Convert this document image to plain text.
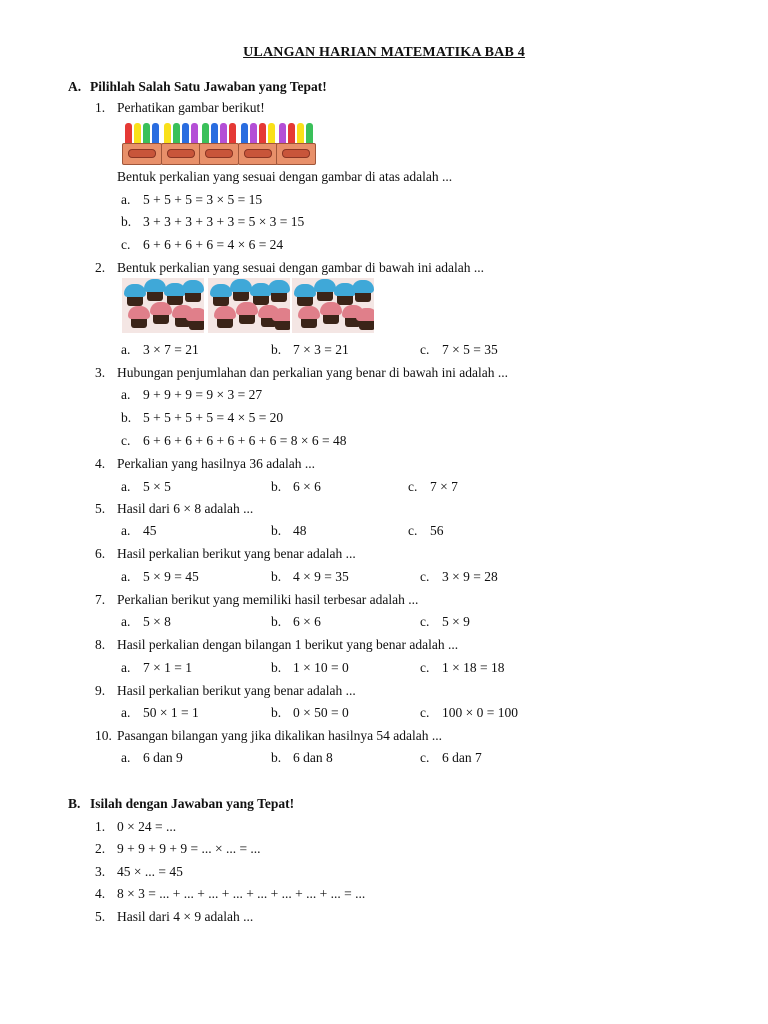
ULANGAN HARIAN MATEMATIKA BAB 4
A. Pilihlah Salah Satu Jawaban yang Tepat!
1. Perhatikan gambar berikut!
Bentuk perkalian yang sesuai dengan gambar di atas adalah ...
a. 5 + 5 + 5 = 3 × 5 = 15
b. 3 + 3 + 3 + 3 + 3 = 5 × 3 = 15
c. 6 + 6 + 6 + 6 = 4 × 6 = 24
2. Bentuk perkalian yang sesuai dengan gambar di bawah ini adalah ...
a. 3 × 7 = 21	b. 7 × 3 = 21	c. 7 × 5 = 35
3. Hubungan penjumlahan dan perkalian yang benar di bawah ini adalah ...
a. 9 + 9 + 9 = 9 × 3 = 27
b. 5 + 5 + 5 + 5 = 4 × 5 = 20
c. 6 + 6 + 6 + 6 + 6 + 6 + 6 = 8 × 6 = 48
4. Perkalian yang hasilnya 36 adalah ...
a. 5 × 5	b. 6 × 6	c. 7 × 7
5. Hasil dari 6 × 8 adalah ...
a. 45	b. 48	c. 56
6. Hasil perkalian berikut yang benar adalah ...
a. 5 × 9 = 45	b. 4 × 9 = 35	c. 3 × 9 = 28
7. Perkalian berikut yang memiliki hasil terbesar adalah ...
a. 5 × 8	b. 6 × 6	c. 5 × 9
8. Hasil perkalian dengan bilangan 1 berikut yang benar adalah ...
a. 7 × 1 = 1	b. 1 × 10 = 0	c. 1 × 18 = 18
9. Hasil perkalian berikut yang benar adalah ...
a. 50 × 1 = 1	b. 0 × 50 = 0	c. 100 × 0 = 100
10. Pasangan bilangan yang jika dikalikan hasilnya 54 adalah ...
a. 6 dan 9	b. 6 dan 8	c. 6 dan 7
B. Isilah dengan Jawaban yang Tepat!
1. 0 × 24 = ...
2. 9 + 9 + 9 + 9 = ... × ... = ...
3. 45 × ... = 45
4. 8 × 3 = ... + ... + ... + ... + ... + ... + ... + ... = ...
5. Hasil dari 4 × 9 adalah ...
